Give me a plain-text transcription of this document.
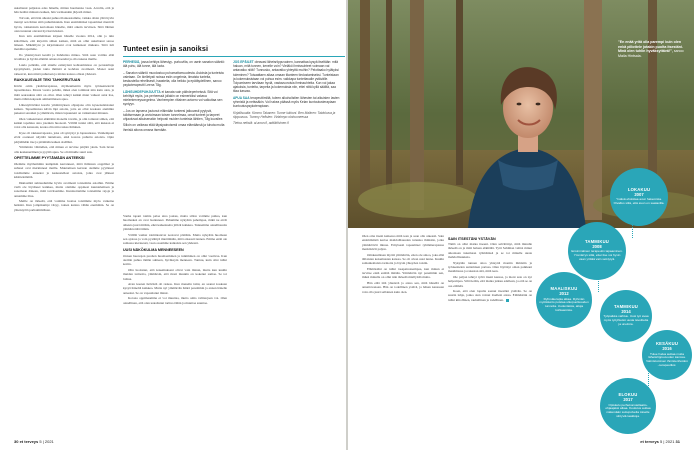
uskaltanut paljastaa edes hänelle, mitten huomenna vaan. Arvelin, että ja hän tietäisi minusta kaiken, hän varmaankin järjestä minut.

Toivoin, että hän alkaisi puhua tilanteestamme, vaikka olisin yhtä hyvin tiennyt sen ilman siitä puhumistakin. Kun ensimmäiset tapaamiset menivät hyvin, rohkaistuin kertomaan hänelle, mitä oikein tarvitsen. Siitä lähtien olen tuntenut olevani hyvissä käsissä.

Kun tein ensimmäisen kirjeen hänelle vuonna 2014, olin jo niin kiitollinen, että kirjoitin siihen kaiken, mitä en ollut uskaltanut sanoa ääneen. Mäkätilyni ja kirjoitukseni ovat kulkeneet mukana. Siitä tuli meidän tapamme.

Ilo yhteistyössä kestää ja ilahduttaa minua. Siitä saan voimia elää tavallista ja hyvää elämää omana itsenäni ja olla tukena muille.

Luulo pelkään, että sinulle esitetyissä kohtaamisissa on perusteltuja kysymyksiä, joiden takia ihmisiä ei kohdata avoimesti. Monet asiat ratkeavat, kun niistä puhutaan ja niiden kanssa ollaan yhdessä.

RAKKAUSVAJE TEKI TAHKERUTUAN

Kävin omin yksilöterapiassa, mytheumentin myös työskenteleviä tapaamisissa. Monta vuotta pohdin, miksi olen toiminut niin kuin olen, ja mitä seurauksia siitä on ollut. Olen tehnyt kaikki muut vaikeat asiat itse, mutta tähän kaipasin ammattilaisen apua.

Lähestyttäväksi kasvin ymmärryksen ohjaajana olin kyseenalaistanut kaiken. Tapaamisissa kävin läpi asioita, joita en ollut koskaan aiemmin pukenut sanoiksi ja ymmärsin, miten lapsuuteni on vaikuttanut minuun.

Olen vaikeuttanut elämääni monella tavalla, ja olin tottunut siihen, että kaikki tapahtuu aina jotenkin huonosti. Välillä tuntui siltä, että kukaan ei voisi olla kanssani, koska olin niin raskas ihminen.

Kyse oli rakkausvajeesta, joka oli syntynyt jo lapsuudessa. Vanhempani eivät osanneet näyttää tunteitaan, eikä kotona puhuttu asioista. Opin pärjäämään itse ja pitämään kaiken sisälläni.

Ymmärsin vähitellen, että minun ei tarvitse pärjätä yksin. Sain luvan olla keskeneräinen ja pyytää apua. Se oli minulle suuri asia.

OPETTELIMME PYYTÄMÄÄN ANTEEKSI

Olemme myöhemmin kumpikin kerranneet, mitä ihmisten ongelmat ja suhteet ovat merkinneet meille. Muutamaan kertaan olemme pyytäneet toisiltamme anteeksi ja keskustelleet asioista, jotka ovat jääneet käsittelemättä.

Ilkkiasmiä suhtaudumme hyvin avoimesti toistemme asioihin. Emme vielä ole löytäneet kaikkea, mutta olemme oppineet kuuntelemaan ja sanomaan ääneen, mitä tarvitsemme. Kunnioitamme toistemme rajoja ja annamme tilaa.

Meille on tärkeää, että voimme luottaa toisiimme myös vaikeina hetkinä. Kun jompikumpi väsyy, toinen kantaa vähän enemmän. Se on yhteistyötä parhaimmillaan.

Tunteet esiin ja sanoiksi

PERHESIÄ, jossa kehitys lähestyy- purkuvilta, on usein sanaton sääntö: älä puhu, älä tunne, älä luota.

– Sanaton sääntö muodostuu puhumattomuudesta. Asioista ja tunteista vaietaan. On kielletysti noissa esiin ongelmia, ilmaista tunteita, keskustella rehellisesti, haasteita, olla heikko ja epätäydellinen, sanoo psykoterapeutti Leena Tåg.

LÄHISUHDEPUHJUUTTA ei kanata vain päihdeperheissä. Sitä voi kehittyä myös, jos perheessä jollakin on esimerkiksi vakava mielenterveysongelma. Vanhempien riitainen avioero voi vaikuttaa sen syntyyn.

– Jos on lapsena joutunut eläimään tunteesi jatkuvasti pyytyvä, tulkitsemaan ja arvioimaan toisen tunnelmaa, omat tunteet ja tarpeet ohjautuvat aikuisenakin helposti muiden tunteista lähtien, Tåg kuvailee.

Silloin on vaikeaa elää täysipainoisesti omaa elämäänsä ja tuhota muita ihmisiä aitona omana itsenään.

JOS EPÄILET oleavasi läheisriippuvainen, kannattaa kysyä itseltään: mitä haluan, mitä tunnen, kenelle voin? Vieläkö ihmissuhteet voimaan vai antavatko niitä? Tunnusko, antavatko yhteyttä muihin? Pelottaako hylätyksi tuleminen? Toisaattaen aikaa omaan tilanteen tiedostamiseksi. Tunteistaan ja kokemuksistaan voi puhua esim. vaikkapa tuntettavalle ystävälle. Toipumiseen tarvitaan hyviä, vastavuoroisia ihmissuhteita. Kun voi jakaa ajatuksia, tunteita, tarpeita ja kokemuksia niin, ettei niitä kyllä säälitä, saa tilaa kasvaa.

APUA SAA terapeuttimiltä, tuleen alkoholistien lähesten tai aikuisten lasten ryhmistä ja netissäkin. Voi hakea päässä myös Kelan kuntoutusterapiaan kuntoutuspsykoterapiaan.

Kirjallisuutta: Kimmo Takanen: Tunne lukkoni. Ben Malinen: Taidokuva ja riippuvuus. Tommy Hellsten: Virtahepo olohuoneessa

Tietoa netistä: al-anon.fi, addiktiivinen.fi

Vanha tapani toimia palaa aina joskus, mutta sillon voimme puhua, kun huomaaksi en ovat laantuneet. Puhumme nykyään pahempaa, mikä ne eivät aiheuta juuri mitään, eikä katkenneita jäävät kaikkea. Tunnemme onnellisuutta ymmärrettää tämän.

Välillä vanhat toimintatavat nostavat päätään. Mutta nykyään huomaan sen ajoissa ja voin pysähtyä miettimään, mitä oikeasti tunnen. Emme enää ole samassa kierteessä, vaan osaamme katkaista sen yhdessä.

UUSI NÄKÖKULMA MENNEESEEN

Osisen huonojen puolien huomaaminen ja tutkiminen on ollut vaativaa. Kun alettiin puhua tämän suhteen, hyväksyin menneen. Tuntuu, kuin olisi tullut kotiin.

Olin luottanut, että kokemukseni olivat vain minun, mutta kun kuulin muiden tarinoita, ymmärsin, että moni muukin on kokenut samaa. Se toi lohtua.

Avan kaaren ikävästä oli raskas. Kun menetin isäni, en saanut koskaan kysyä häneltä kaikkea. Mutta nyt ymmärrän häntä paremmin ja annan hänelle anteeksi. Se on vapauttanut minut.

Kotona oppimaamme ei voi muuttaa, mutta omia valintojaan voi. Olen onnellinen, että olen uskaltanut tarttua tähän ja muuttaa suuntaa.

30 et terveys 5 | 2021
"En enää yritä olla parempi kuin olen enkä pillottele jotakin puolta itsestäni. Minä olen tuhlin hyväksyttävä!", sanoo Maila Hintsala.
LOKAKUU
2007
Ystävä ehdottaa avun hakemista. Oivallus siitä, että avun on saatavilla.
TAMMIKUU
2008
Ensimmäinen terapeutin tapaaminen. Ymmärrys siitä, ettei itse voi hyvin vaan yrittää vain selviytyä.
MAALISKUU
2012
Ryhmäterapia alkaa. Ryhmän myötätunto poistaa ulkopuolisuuden tunnetta. Uudenlaisia, aitoja kohtaamisia.
TAMMIKUU
2014
Työpaikka vaihtuu. Uusi työ avaa myös työyhteisö uusia tavoitteita ja unelmia.
KESÄKUU
2016
Tulee halua auttaa muita läheisriippuvuuden kanssa. Valmistuminen ihmistenhoidon –terapeutiksi.
ELOKUU
2017
Opiskelu perhekonstellaatio-ohjaajaksi alkaa. Koulutus auttaa näkemään sukupolvelta toiselle siirtyviä taakkoja.

Olen oma itseni kaikessa mitä teen ja saan olla oikeasti. Sain ensimmäistä kertaa mahdollisuuden tutustua ihmisiin, jotka ymmärtävät minua. Erityisesti tapaamiset ryhmäterapiassa merkitsivät paljon.

Omaksumisen myötä ymmärrän, etten ole ainoa, joka elää tällaisten kokemusten kanssa. Se oli aivan uusi tunne. Kuulin samankaltaisia tarinoita ja löysin yhteyden toisiin.

Elämästäni on tullut tasapainoisempaa, kun minun ei tarvitse enää esittää mitään. Ymmärrän nyt paremmin sen, miksi minulle on ollut niin tärkeää miellyttää muita.

Hän elää tätä yhteisöä ja antaa sen, mitä hänellä on annettavanaan. Hän on todellinen ystävä, ja hänen kanssaan voin olla juuri sellainen kuin olen.

SAIN ITSESTÄNI YSTÄVÄN

Tämä on ollut matka itseeni. Olen selvittänyt, mitä minulle tärkeää on ja mitä haluan elämältä. Tytti Sahlman valitsi minut aikoinaan tukemaan ryhmäänsä ja se toi minulle uusia mahdollisuuksia.

Nykyään tunnen aitoa yhteyttä moniin ihmisiin ja työskentelen auttamisen parissa. Olen löytänyt oman paikkani maailmassa ja rakastan sitä, mitä teen.

Ole paljon tehnyt työtä itseni kanssa, ja moni asia on nyt helpompaa. Silti tiedän, että matka jatkuu edelleen, ja että se on osa elämää.

Koen, että olen lopulta saanut itsestäni ystävän. Se on suurin lahja, jonka olen voinut itselleni antaa. Elämästäni on tullut kiitollinen, rauhallinen ja todellinen.

et terveys 5 | 2021 31
